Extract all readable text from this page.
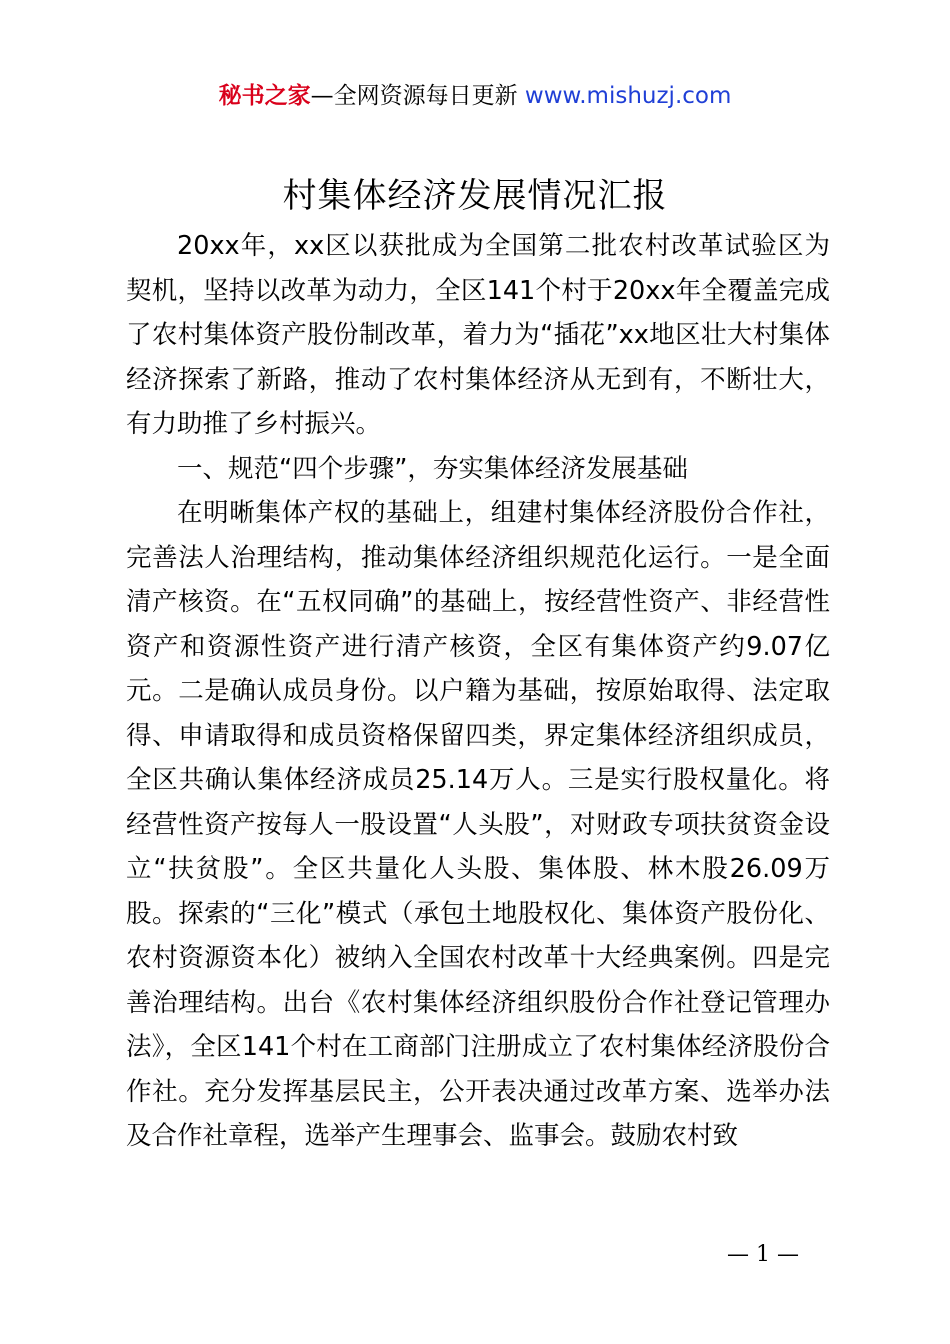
秘书之家—全网资源每日更新 www.mishuzj.com
村集体经济发展情况汇报

20xx年，xx区以获批成为全国第二批农村改革试验区为契机，坚持以改革为动力，全区141个村于20xx年全覆盖完成了农村集体资产股份制改革，着力为“插花”xx地区壮大村集体经济探索了新路，推动了农村集体经济从无到有，不断壮大，有力助推了乡村振兴。

一、规范“四个步骤”，夯实集体经济发展基础

在明晰集体产权的基础上，组建村集体经济股份合作社，完善法人治理结构，推动集体经济组织规范化运行。一是全面清产核资。在“五权同确”的基础上，按经营性资产、非经营性资产和资源性资产进行清产核资，全区有集体资产约9.07亿元。二是确认成员身份。以户籍为基础，按原始取得、法定取得、申请取得和成员资格保留四类，界定集体经济组织成员，全区共确认集体经济成员25.14万人。三是实行股权量化。将经营性资产按每人一股设置“人头股”，对财政专项扶贫资金设立“扶贫股”。全区共量化人头股、集体股、林木股26.09万股。探索的“三化”模式（承包土地股权化、集体资产股份化、农村资源资本化）被纳入全国农村改革十大经典案例。四是完善治理结构。出台《农村集体经济组织股份合作社登记管理办法》，全区141个村在工商部门注册成立了农村集体经济股份合作社。充分发挥基层民主，公开表决通过改革方案、选举办法及合作社章程，选举产生理事会、监事会。鼓励农村致

— 1 —
